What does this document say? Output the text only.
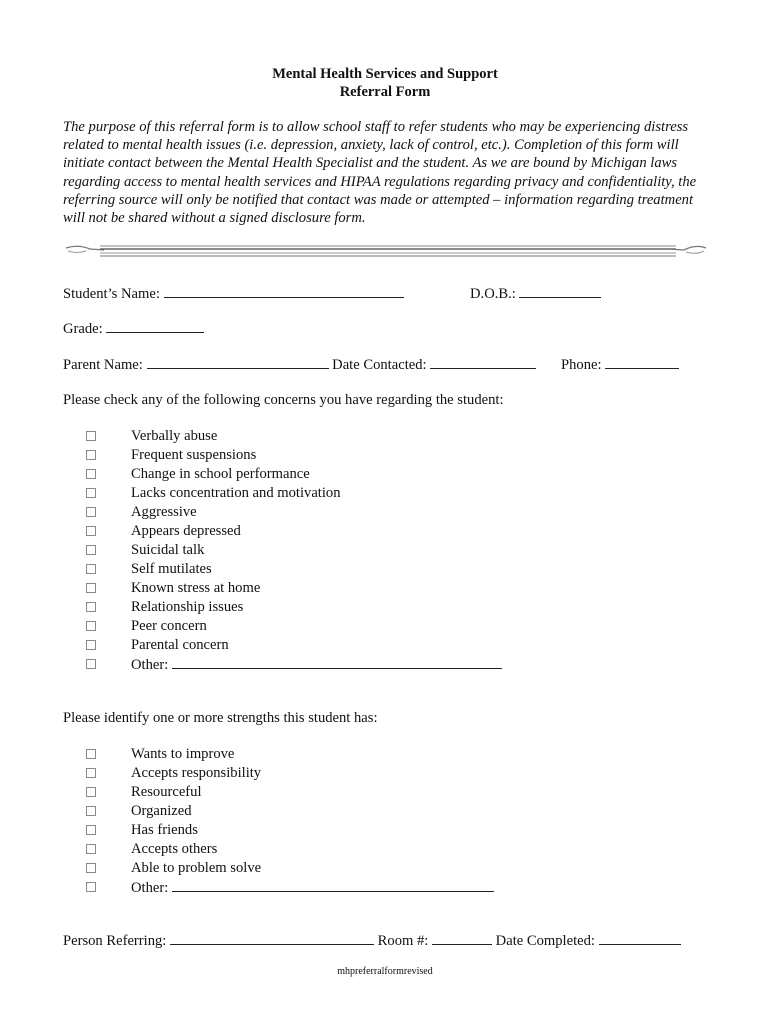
Mental Health Services and Support
Referral Form
The purpose of this referral form is to allow school staff to refer students who may be experiencing distress related to mental health issues (i.e. depression, anxiety, lack of control, etc.). Completion of this form will initiate contact between the Mental Health Specialist and the student. As we are bound by Michigan laws regarding access to mental health services and HIPAA regulations regarding privacy and confidentiality, the referring source will only be notified that contact was made or attempted – information regarding treatment will not be shared without a signed disclosure form.
Student’s Name:	D.O.B.:
Grade:
Parent Name:	Date Contacted:	Phone:
Please check any of the following concerns you have regarding the student:
Verbally abuse
Frequent suspensions
Change in school performance
Lacks concentration and motivation
Aggressive
Appears depressed
Suicidal talk
Self mutilates
Known stress at home
Relationship issues
Peer concern
Parental concern
Other:
Please identify one or more strengths this student has:
Wants to improve
Accepts responsibility
Resourceful
Organized
Has friends
Accepts others
Able to problem solve
Other:
Person Referring:	Room #:	Date Completed:
mhpreferralformrevised
